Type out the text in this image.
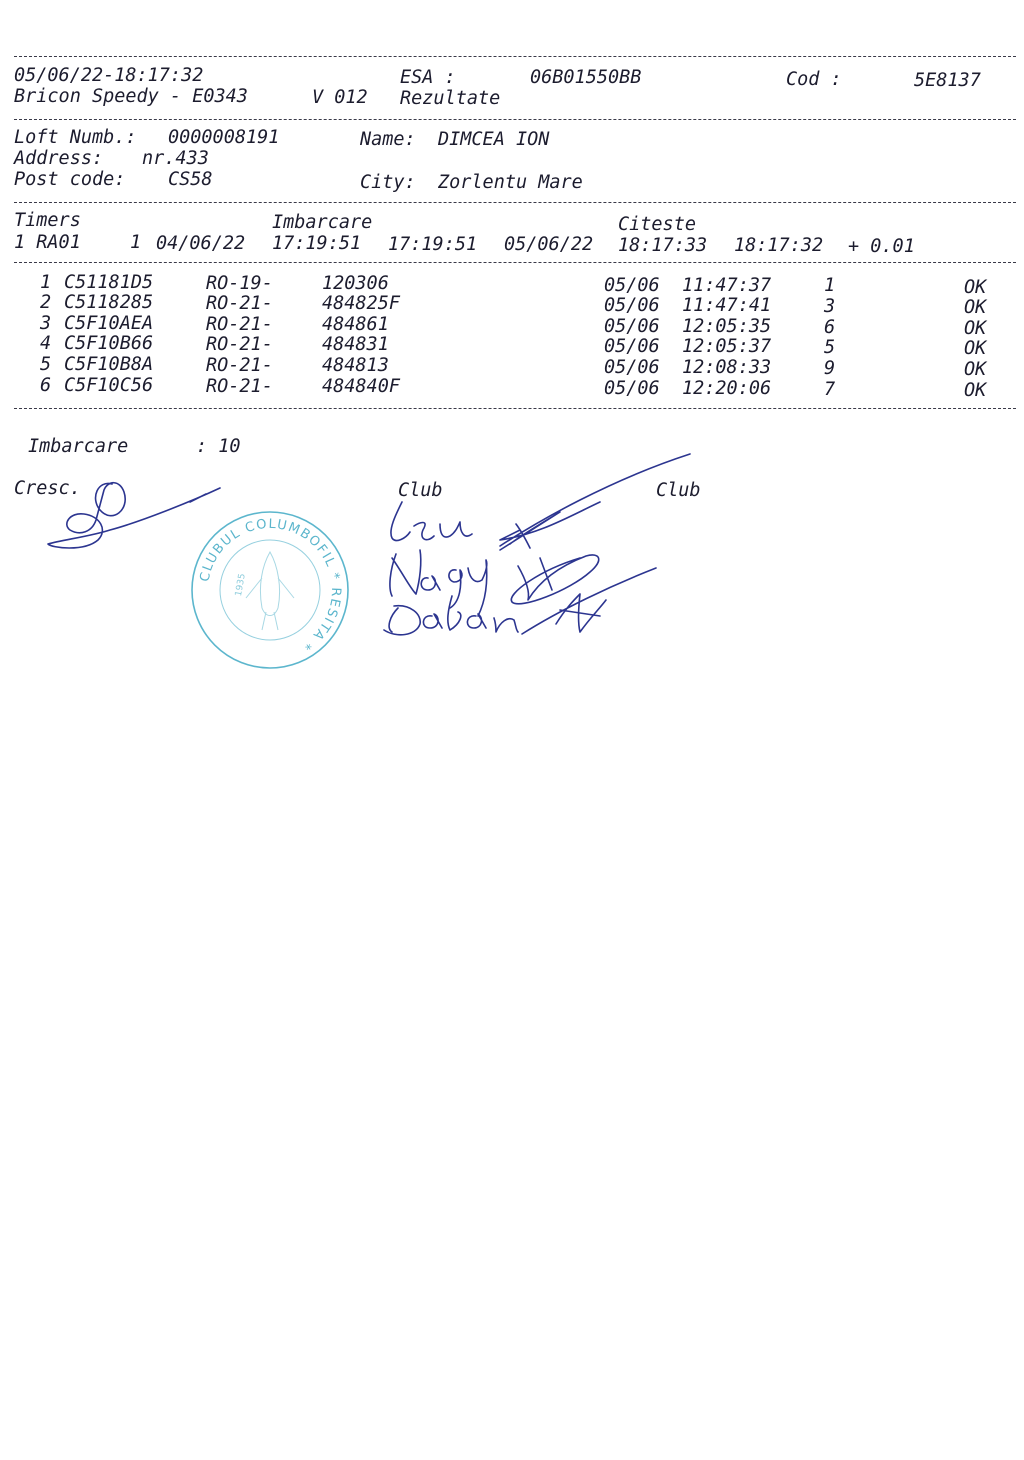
05/06/22-18:17:32	ESA :	06B01550BB	Cod :	5E8137
Bricon Speedy - E0343	V 012 Rezultate
Loft Numb.: 0000008191	Name: DIMCEA ION
Address: nr.433
Post code: CS58	City: Zorlentu Mare
Timers	Imbarcare	Citeste
1 RA01	1 04/06/22 17:19:51 17:19:51 05/06/22 18:17:33 18:17:32 + 0.01
1 C51181D5	RO-19-	120306	05/06 11:47:37	1	OK
2 C5118285	RO-21-	484825F	05/06 11:47:41	3	OK
3 C5F10AEA	RO-21-	484861	05/06 12:05:35	6	OK
4 C5F10B66	RO-21-	484831	05/06 12:05:37	5	OK
5 C5F10B8A	RO-21-	484813	05/06 12:08:33	9	OK
6 C5F10C56	RO-21-	484840F	05/06 12:20:06	7	OK
Imbarcare	: 10
Cresc.	Club	Club
CLUBUL COLUMBOFIL * RESITA *
1935
